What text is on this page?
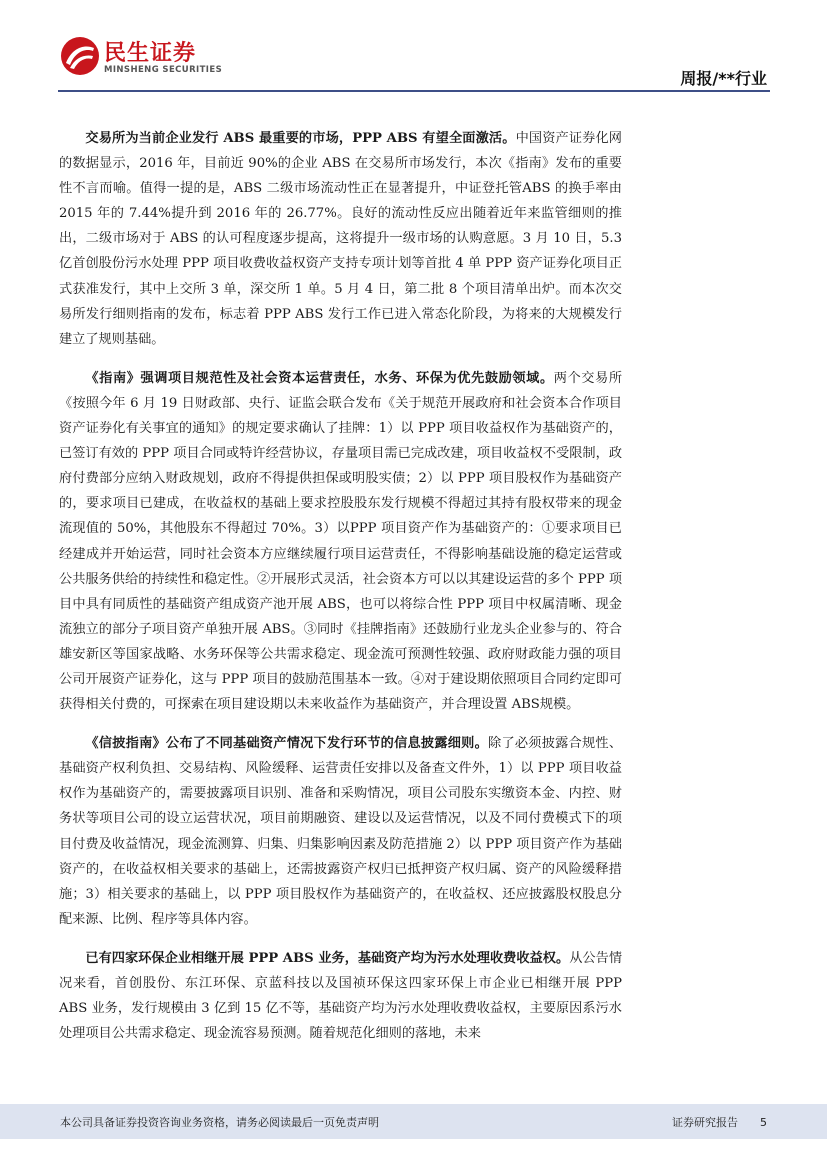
民生证券
MINSHENG SECURITIES	周报/**行业

交易所为当前企业发行 ABS 最重要的市场，PPP ABS 有望全面激活。中国资产证券化网的数据显示，2016 年，目前近 90%的企业 ABS 在交易所市场发行，本次《指南》发布的重要性不言而喻。值得一提的是，ABS 二级市场流动性正在显著提升，中证登托管ABS 的换手率由 2015 年的 7.44%提升到 2016 年的 26.77%。良好的流动性反应出随着近年来监管细则的推出，二级市场对于 ABS 的认可程度逐步提高，这将提升一级市场的认购意愿。3 月 10 日，5.3 亿首创股份污水处理 PPP 项目收费收益权资产支持专项计划等首批 4 单 PPP 资产证券化项目正式获准发行，其中上交所 3 单，深交所 1 单。5 月 4 日，第二批 8 个项目清单出炉。而本次交易所发行细则指南的发布，标志着 PPP ABS 发行工作已进入常态化阶段，为将来的大规模发行建立了规则基础。

《指南》强调项目规范性及社会资本运营责任，水务、环保为优先鼓励领域。两个交易所《按照今年 6 月 19 日财政部、央行、证监会联合发布《关于规范开展政府和社会资本合作项目资产证券化有关事宜的通知》的规定要求确认了挂牌：1）以 PPP 项目收益权作为基础资产的，已签订有效的 PPP 项目合同或特许经营协议，存量项目需已完成改建，项目收益权不受限制，政府付费部分应纳入财政规划，政府不得提供担保或明股实债；2）以 PPP 项目股权作为基础资产的，要求项目已建成，在收益权的基础上要求控股股东发行规模不得超过其持有股权带来的现金流现值的 50%，其他股东不得超过 70%。3）以PPP 项目资产作为基础资产的：①要求项目已经建成并开始运营，同时社会资本方应继续履行项目运营责任，不得影响基础设施的稳定运营或公共服务供给的持续性和稳定性。②开展形式灵活，社会资本方可以以其建设运营的多个 PPP 项目中具有同质性的基础资产组成资产池开展 ABS，也可以将综合性 PPP 项目中权属清晰、现金流独立的部分子项目资产单独开展 ABS。③同时《挂牌指南》还鼓励行业龙头企业参与的、符合雄安新区等国家战略、水务环保等公共需求稳定、现金流可预测性较强、政府财政能力强的项目公司开展资产证券化，这与 PPP 项目的鼓励范围基本一致。④对于建设期依照项目合同约定即可获得相关付费的，可探索在项目建设期以未来收益作为基础资产，并合理设置 ABS规模。

《信披指南》公布了不同基础资产情况下发行环节的信息披露细则。除了必须披露合规性、基础资产权利负担、交易结构、风险缓释、运营责任安排以及备查文件外，1）以 PPP 项目收益权作为基础资产的，需要披露项目识别、准备和采购情况，项目公司股东实缴资本金、内控、财务状等项目公司的设立运营状况，项目前期融资、建设以及运营情况，以及不同付费模式下的项目付费及收益情况，现金流测算、归集、归集影响因素及防范措施 2）以 PPP 项目资产作为基础资产的，在收益权相关要求的基础上，还需披露资产权归已抵押资产权归属、资产的风险缓释措施；3）相关要求的基础上，以 PPP 项目股权作为基础资产的，在收益权、还应披露股权股息分配来源、比例、程序等具体内容。

已有四家环保企业相继开展 PPP ABS 业务，基础资产均为污水处理收费收益权。从公告情况来看，首创股份、东江环保、京蓝科技以及国祯环保这四家环保上市企业已相继开展 PPP ABS 业务，发行规模由 3 亿到 15 亿不等，基础资产均为污水处理收费收益权，主要原因系污水处理项目公共需求稳定、现金流容易预测。随着规范化细则的落地，未来

本公司具备证券投资咨询业务资格，请务必阅读最后一页免责声明	证券研究报告 5
